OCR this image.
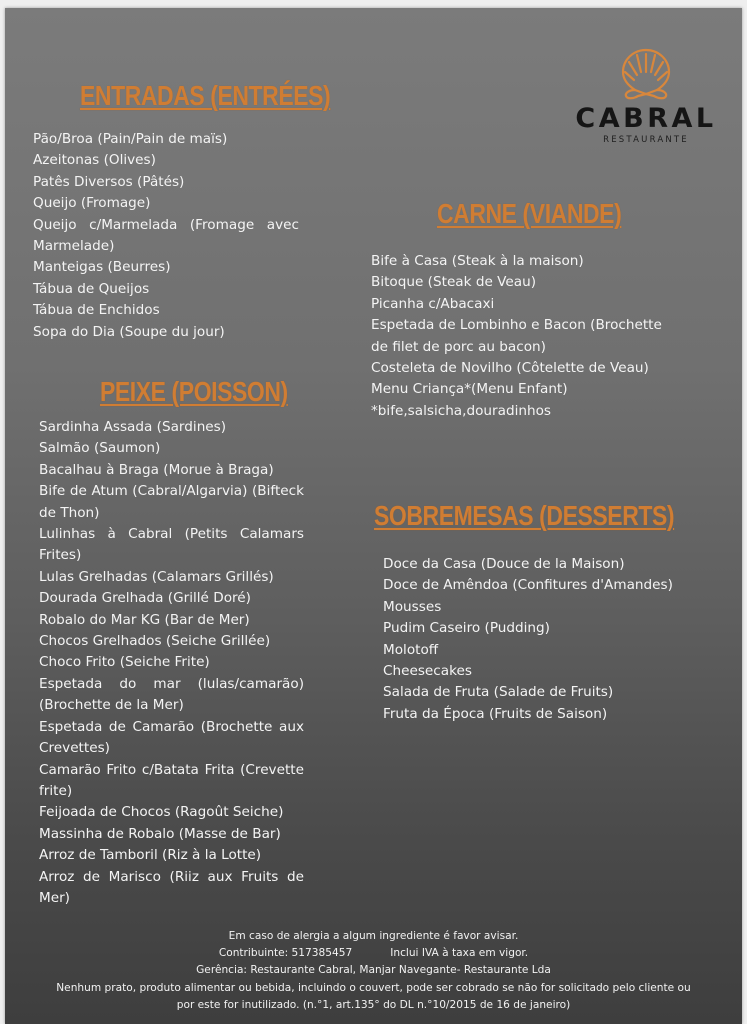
CABRAL
RESTAURANTE
ENTRADAS (ENTRÉES)
Pão/Broa (Pain/Pain de maïs)
Azeitonas (Olives)
Patês Diversos (Pâtés)
Queijo (Fromage)
Queijo c/Marmelada (Fromage avec Marmelade)
Manteigas (Beurres)
Tábua de Queijos
Tábua de Enchidos
Sopa do Dia (Soupe du jour)
PEIXE (POISSON)
Sardinha Assada (Sardines)
Salmão (Saumon)
Bacalhau à Braga (Morue à Braga)
Bife de Atum (Cabral/Algarvia) (Bifteck de Thon)
Lulinhas à Cabral (Petits Calamars Frites)
Lulas Grelhadas (Calamars Grillés)
Dourada Grelhada (Grillé Doré)
Robalo do Mar KG (Bar de Mer)
Chocos Grelhados (Seiche Grillée)
Choco Frito (Seiche Frite)
Espetada do mar (lulas/camarão) (Brochette de la Mer)
Espetada de Camarão (Brochette aux Crevettes)
Camarão Frito c/Batata Frita (Crevette frite)
Feijoada de Chocos (Ragoût Seiche)
Massinha de Robalo (Masse de Bar)
Arroz de Tamboril (Riz à la Lotte)
Arroz de Marisco (Riiz aux Fruits de Mer)
CARNE (VIANDE)
Bife à Casa (Steak à la maison)
Bitoque (Steak de Veau)
Picanha c/Abacaxi
Espetada de Lombinho e Bacon (Brochette de filet de porc au bacon)
Costeleta de Novilho (Côtelette de Veau)
Menu Criança*(Menu Enfant)
*bife,salsicha,douradinhos
SOBREMESAS (DESSERTS)
Doce da Casa (Douce de la Maison)
Doce de Amêndoa (Confitures d'Amandes)
Mousses
Pudim Caseiro (Pudding)
Molotoff
Cheesecakes
Salada de Fruta (Salade de Fruits)
Fruta da Época (Fruits de Saison)
Em caso de alergia a algum ingrediente é favor avisar.
Contribuinte: 517385457	Inclui IVA à taxa em vigor.
Gerência: Restaurante Cabral, Manjar Navegante- Restaurante Lda
Nenhum prato, produto alimentar ou bebida, incluindo o couvert, pode ser cobrado se não for solicitado pelo cliente ou
por este for inutilizado. (n.°1, art.135° do DL n.°10/2015 de 16 de janeiro)
